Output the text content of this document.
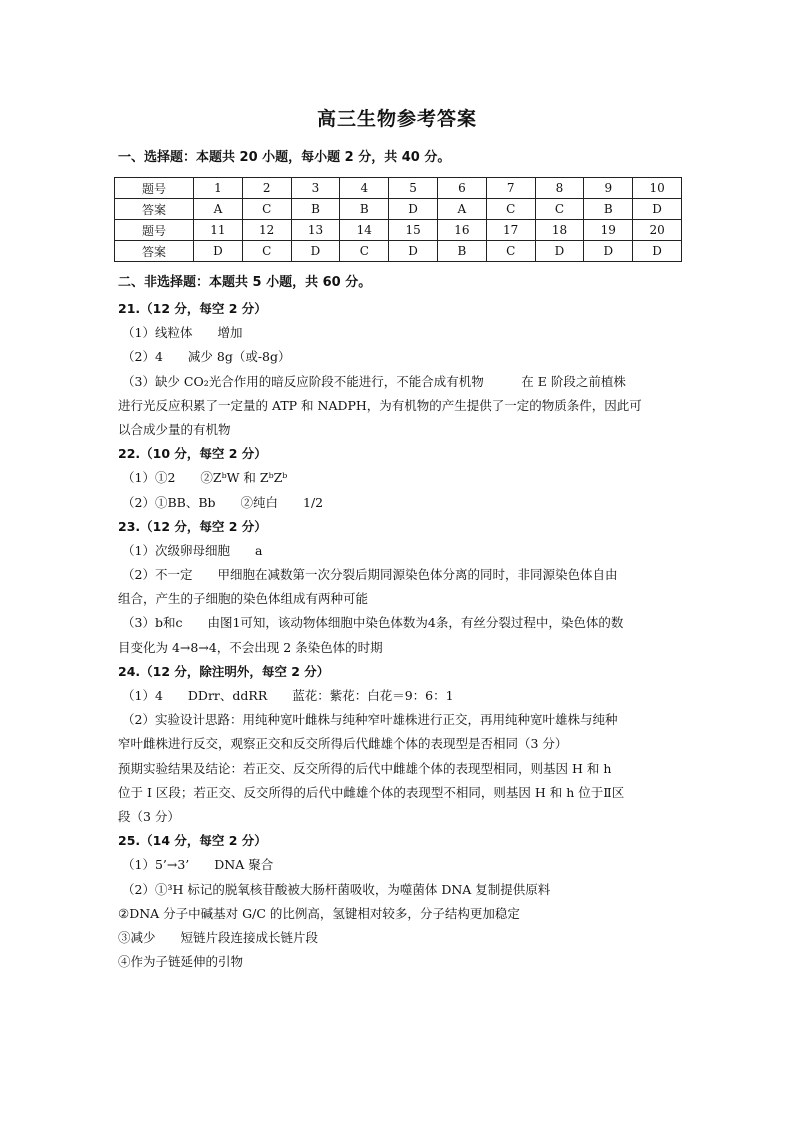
高三生物参考答案
一、选择题：本题共 20 小题，每小题 2 分，共 40 分。
题号	1	2	3	4	5	6	7	8	9	10
答案	A	C	B	B	D	A	C	C	B	D
题号	11	12	13	14	15	16	17	18	19	20
答案	D	C	D	C	D	B	C	D	D	D
二、非选择题：本题共 5 小题，共 60 分。
21.（12 分，每空 2 分）
（1）线粒体　　增加
（2）4　　减少 8g（或-8g）
（3）缺少 CO₂光合作用的暗反应阶段不能进行，不能合成有机物　　　在 E 阶段之前植株
进行光反应积累了一定量的 ATP 和 NADPH，为有机物的产生提供了一定的物质条件，因此可
以合成少量的有机物
22.（10 分，每空 2 分）
（1）①2　　②ZᵇW 和 ZᵇZᵇ
（2）①BB、Bb　　②纯白　　1/2
23.（12 分，每空 2 分）
（1）次级卵母细胞　　a
（2）不一定　　甲细胞在减数第一次分裂后期同源染色体分离的同时，非同源染色体自由
组合，产生的子细胞的染色体组成有两种可能
（3）b和c　　由图1可知，该动物体细胞中染色体数为4条，有丝分裂过程中，染色体的数
目变化为 4→8→4，不会出现 2 条染色体的时期
24.（12 分，除注明外，每空 2 分）
（1）4　　DDrr、ddRR　　蓝花：紫花：白花＝9：6：1
（2）实验设计思路：用纯种宽叶雌株与纯种窄叶雄株进行正交，再用纯种宽叶雄株与纯种
窄叶雌株进行反交，观察正交和反交所得后代雌雄个体的表现型是否相同（3 分）
预期实验结果及结论：若正交、反交所得的后代中雌雄个体的表现型相同，则基因 H 和 h
位于 I 区段；若正交、反交所得的后代中雌雄个体的表现型不相同，则基因 H 和 h 位于Ⅱ区
段（3 分）
25.（14 分，每空 2 分）
（1）5’→3’　　DNA 聚合
（2）①³H 标记的脱氧核苷酸被大肠杆菌吸收，为噬菌体 DNA 复制提供原料
②DNA 分子中碱基对 G/C 的比例高，氢键相对较多，分子结构更加稳定
③减少　　短链片段连接成长链片段
④作为子链延伸的引物
